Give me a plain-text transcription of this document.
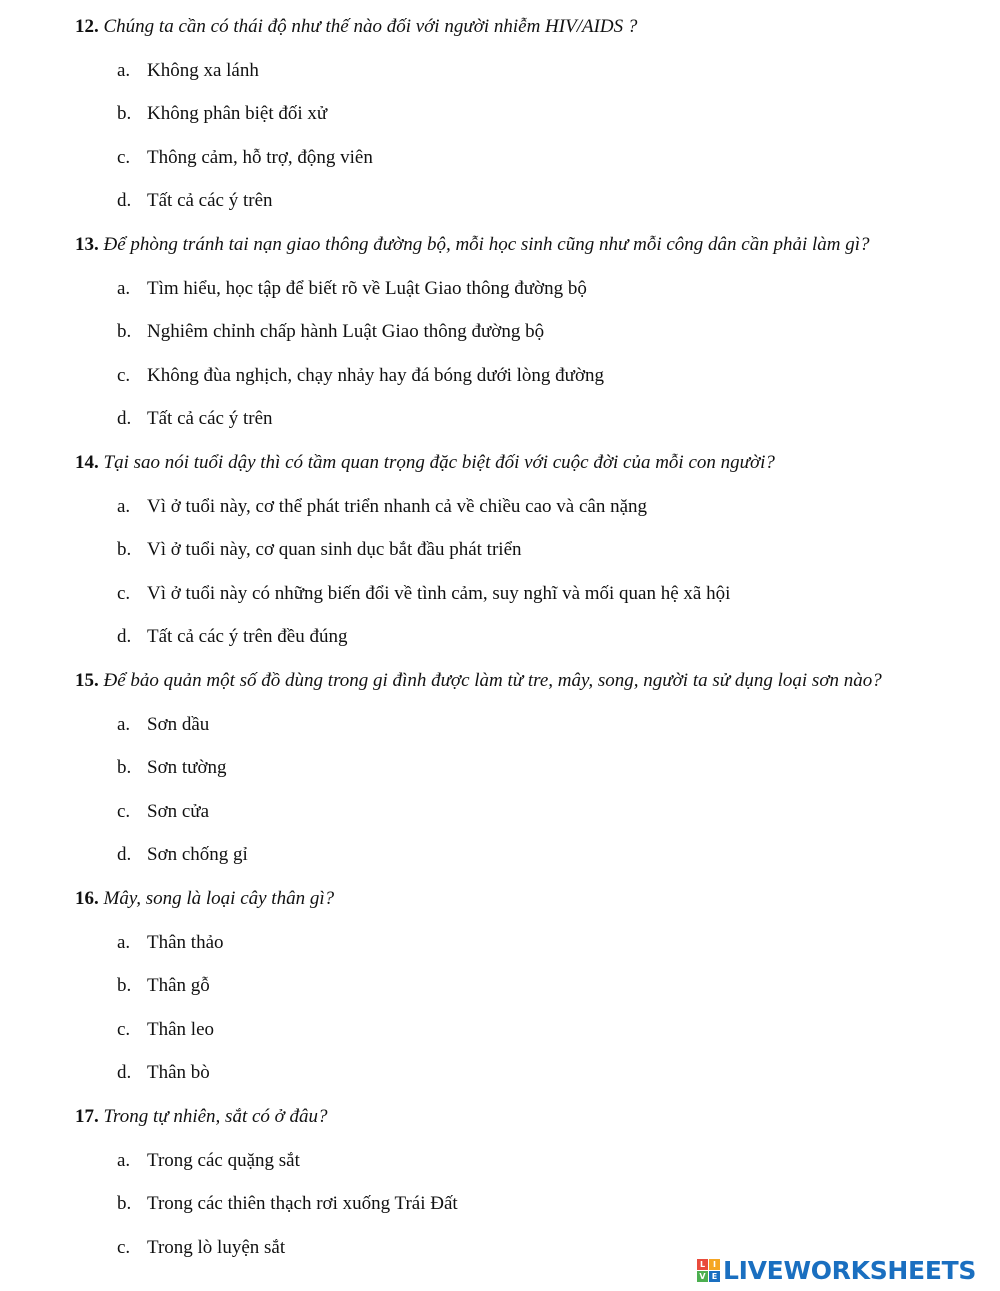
12. Chúng ta cần có thái độ như thế nào đối với người nhiễm HIV/AIDS ?
a. Không xa lánh
b. Không phân biệt đối xử
c. Thông cảm, hỗ trợ, động viên
d. Tất cả các ý trên
13. Để phòng tránh tai nạn giao thông đường bộ, mỗi học sinh cũng như mỗi công dân cần phải làm gì?
a. Tìm hiểu, học tập để biết rõ về Luật Giao thông đường bộ
b. Nghiêm chỉnh chấp hành Luật Giao thông đường bộ
c. Không đùa nghịch, chạy nhảy hay đá bóng dưới lòng đường
d. Tất cả các ý trên
14. Tại sao nói tuổi dậy thì có tầm quan trọng đặc biệt đối với cuộc đời của mỗi con người?
a. Vì ở tuổi này, cơ thể phát triển nhanh cả về chiều cao và cân nặng
b. Vì ở tuổi này, cơ quan sinh dục bắt đầu phát triển
c. Vì ở tuổi này có những biến đổi về tình cảm, suy nghĩ và mối quan hệ xã hội
d. Tất cả các ý trên đều đúng
15. Để bảo quản một số đồ dùng trong gi đình được làm từ tre, mây, song, người ta sử dụng loại sơn nào?
a. Sơn dầu
b. Sơn tường
c. Sơn cửa
d. Sơn chống gỉ
16. Mây, song là loại cây thân gì?
a. Thân thảo
b. Thân gỗ
c. Thân leo
d. Thân bò
17. Trong tự nhiên, sắt có ở đâu?
a. Trong các quặng sắt
b. Trong các thiên thạch rơi xuống Trái Đất
c. Trong lò luyện sắt
L I
V E LIVEWORKSHEETS
